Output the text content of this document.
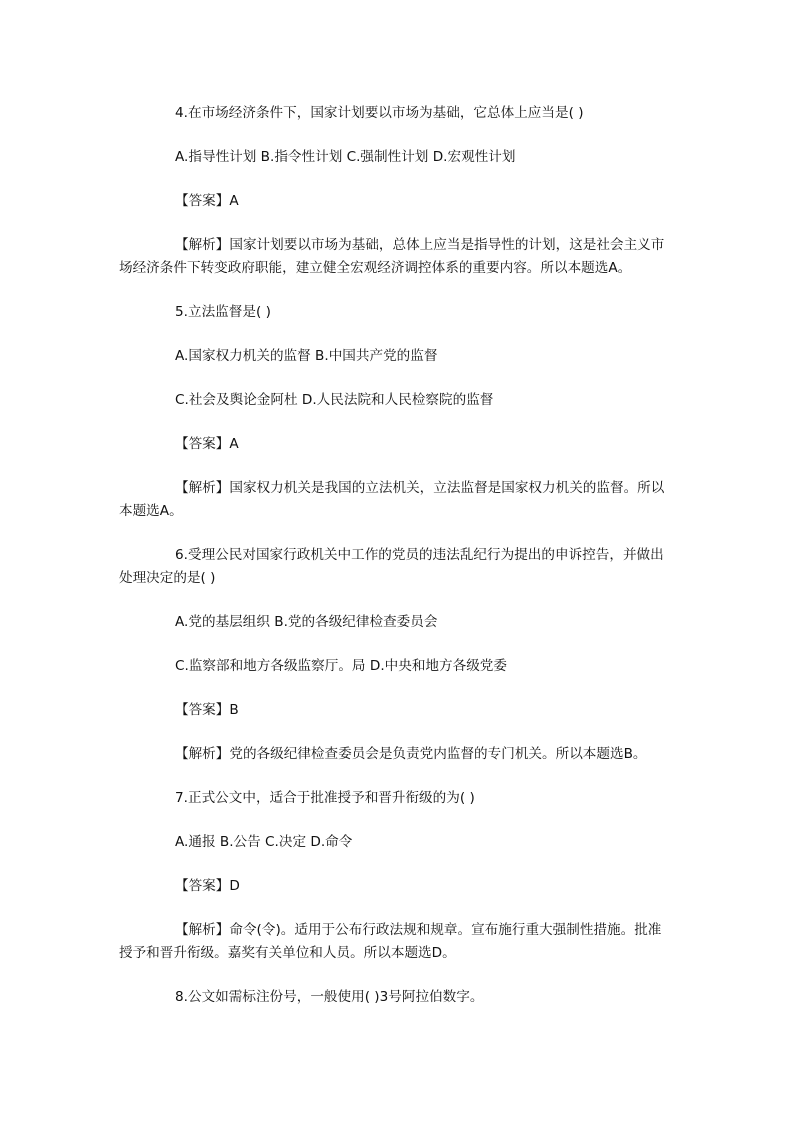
4.在市场经济条件下，国家计划要以市场为基础，它总体上应当是( )

A.指导性计划 B.指令性计划 C.强制性计划 D.宏观性计划

【答案】A

【解析】国家计划要以市场为基础，总体上应当是指导性的计划，这是社会主义市场经济条件下转变政府职能，建立健全宏观经济调控体系的重要内容。所以本题选A。

5.立法监督是( )

A.国家权力机关的监督 B.中国共产党的监督

C.社会及舆论金阿杜 D.人民法院和人民检察院的监督

【答案】A

【解析】国家权力机关是我国的立法机关，立法监督是国家权力机关的监督。所以本题选A。

6.受理公民对国家行政机关中工作的党员的违法乱纪行为提出的申诉控告，并做出处理决定的是( )

A.党的基层组织 B.党的各级纪律检查委员会

C.监察部和地方各级监察厅。局 D.中央和地方各级党委

【答案】B

【解析】党的各级纪律检查委员会是负责党内监督的专门机关。所以本题选B。

7.正式公文中，适合于批准授予和晋升衔级的为( )

A.通报 B.公告 C.决定 D.命令

【答案】D

【解析】命令(令)。适用于公布行政法规和规章。宣布施行重大强制性措施。批准授予和晋升衔级。嘉奖有关单位和人员。所以本题选D。

8.公文如需标注份号，一般使用( )3号阿拉伯数字。
